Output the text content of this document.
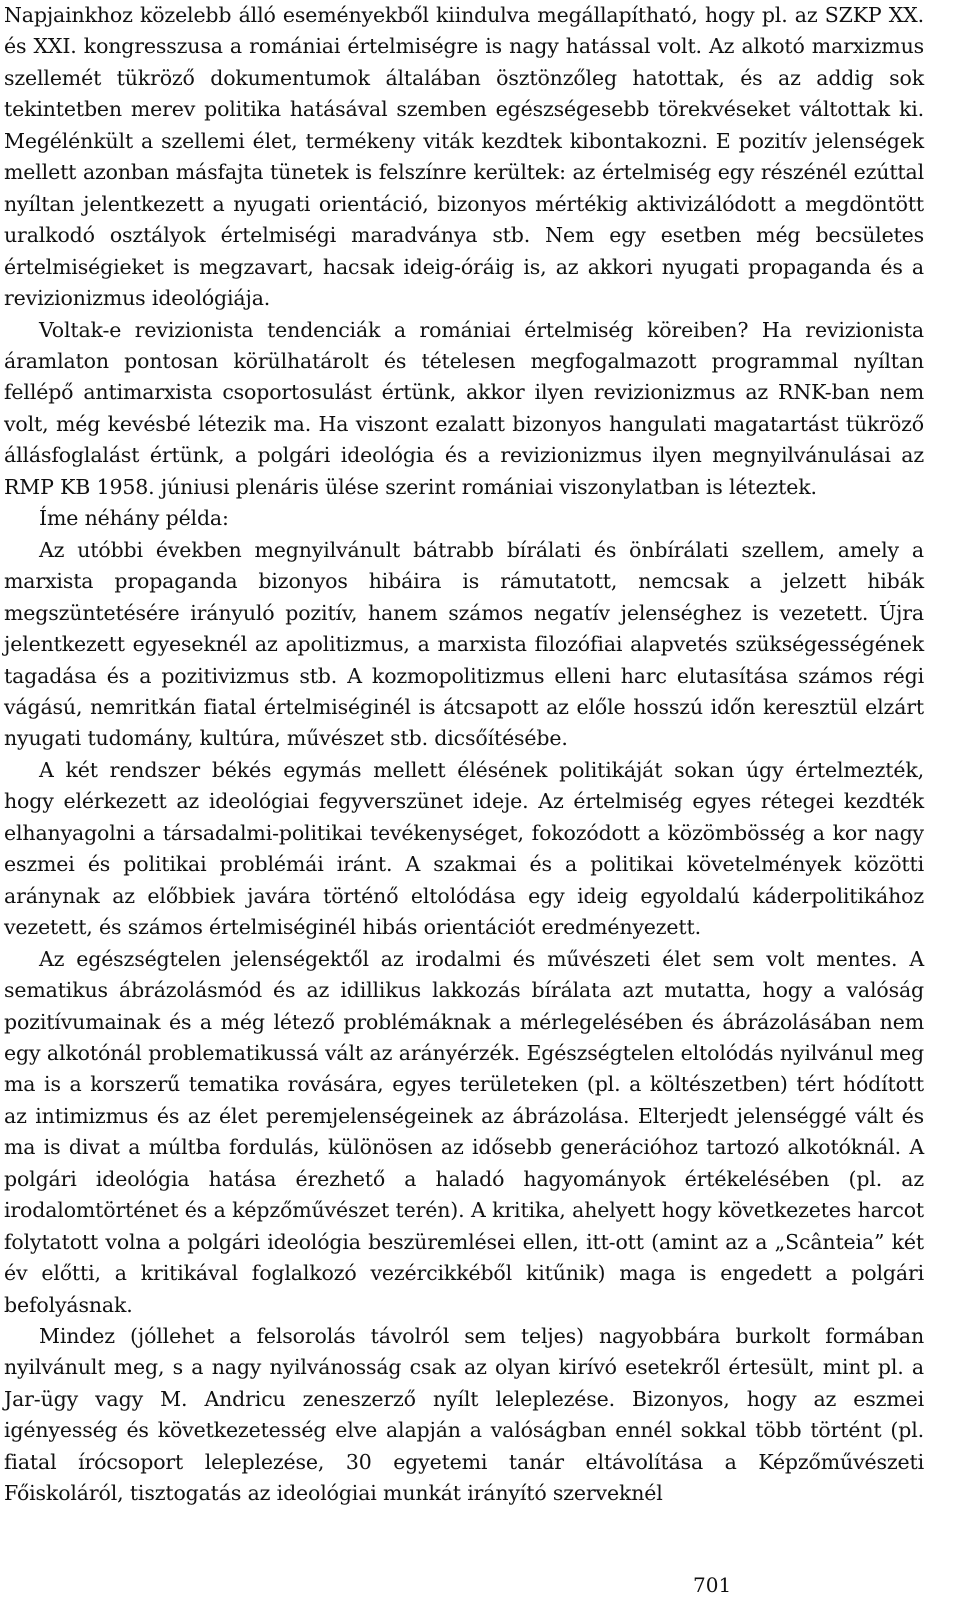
Napjainkhoz közelebb álló eseményekből kiindulva megállapítható, hogy pl. az SZKP XX. és XXI. kongresszusa a romániai értelmiségre is nagy hatással volt. Az alkotó marxizmus szellemét tükröző dokumentumok általában ösztönzőleg hatottak, és az addig sok tekintetben merev politika hatásával szemben egészségesebb törekvéseket váltottak ki. Megélénkült a szellemi élet, termékeny viták kezdtek kibontakozni. E pozitív jelenségek mellett azonban másfajta tünetek is felszínre kerültek: az értelmiség egy részénél ezúttal nyíltan jelentkezett a nyugati orientáció, bizonyos mértékig aktivizálódott a megdöntött uralkodó osztályok értelmiségi maradványa stb. Nem egy esetben még becsületes értelmiségieket is megzavart, hacsak ideig-óráig is, az akkori nyugati propaganda és a revizionizmus ideológiája.

Voltak-e revizionista tendenciák a romániai értelmiség köreiben? Ha revizionista áramlaton pontosan körülhatárolt és tételesen megfogalmazott programmal nyíltan fellépő antimarxista csoportosulást értünk, akkor ilyen revizionizmus az RNK-ban nem volt, még kevésbé létezik ma. Ha viszont ezalatt bizonyos hangulati magatartást tükröző állásfoglalást értünk, a polgári ideológia és a revizionizmus ilyen megnyilvánulásai az RMP KB 1958. júniusi plenáris ülése szerint romániai viszonylatban is léteztek.

Íme néhány példa:

Az utóbbi években megnyilvánult bátrabb bírálati és önbírálati szellem, amely a marxista propaganda bizonyos hibáira is rámutatott, nemcsak a jelzett hibák megszüntetésére irányuló pozitív, hanem számos negatív jelenséghez is vezetett. Újra jelentkezett egyeseknél az apolitizmus, a marxista filozófiai alapvetés szükségességének tagadása és a pozitivizmus stb. A kozmopolitizmus elleni harc elutasítása számos régi vágású, nemritkán fiatal értelmiséginél is átcsapott az előle hosszú időn keresztül elzárt nyugati tudomány, kultúra, művészet stb. dicsőítésébe.

A két rendszer békés egymás mellett élésének politikáját sokan úgy értelmezték, hogy elérkezett az ideológiai fegyverszünet ideje. Az értelmiség egyes rétegei kezdték elhanyagolni a társadalmi-politikai tevékenységet, fokozódott a közömbösség a kor nagy eszmei és politikai problémái iránt. A szakmai és a politikai követelmények közötti aránynak az előbbiek javára történő eltolódása egy ideig egyoldalú káderpolitikához vezetett, és számos értelmiséginél hibás orientációt eredményezett.

Az egészségtelen jelenségektől az irodalmi és művészeti élet sem volt mentes. A sematikus ábrázolásmód és az idillikus lakkozás bírálata azt mutatta, hogy a valóság pozitívumainak és a még létező problémáknak a mérlegelésében és ábrázolásában nem egy alkotónál problematikussá vált az arányérzék. Egészségtelen eltolódás nyilvánul meg ma is a korszerű tematika rovására, egyes területeken (pl. a költészetben) tért hódított az intimizmus és az élet peremjelenségeinek az ábrázolása. Elterjedt jelenséggé vált és ma is divat a múltba fordulás, különösen az idősebb generációhoz tartozó alkotóknál. A polgári ideológia hatása érezhető a haladó hagyományok értékelésében (pl. az irodalomtörténet és a képzőművészet terén). A kritika, ahelyett hogy következetes harcot folytatott volna a polgári ideológia beszüremlései ellen, itt-ott (amint az a „Scânteia” két év előtti, a kritikával foglalkozó vezércikkéből kitűnik) maga is engedett a polgári befolyásnak.

Mindez (jóllehet a felsorolás távolról sem teljes) nagyobbára burkolt formában nyilvánult meg, s a nagy nyilvánosság csak az olyan kirívó esetekről értesült, mint pl. a Jar-ügy vagy M. Andricu zeneszerző nyílt leleplezése. Bizonyos, hogy az eszmei igényesség és következetesség elve alapján a valóságban ennél sokkal több történt (pl. fiatal írócsoport leleplezése, 30 egyetemi tanár eltávolítása a Képzőművészeti Főiskoláról, tisztogatás az ideológiai munkát irányító szerveknél

701
